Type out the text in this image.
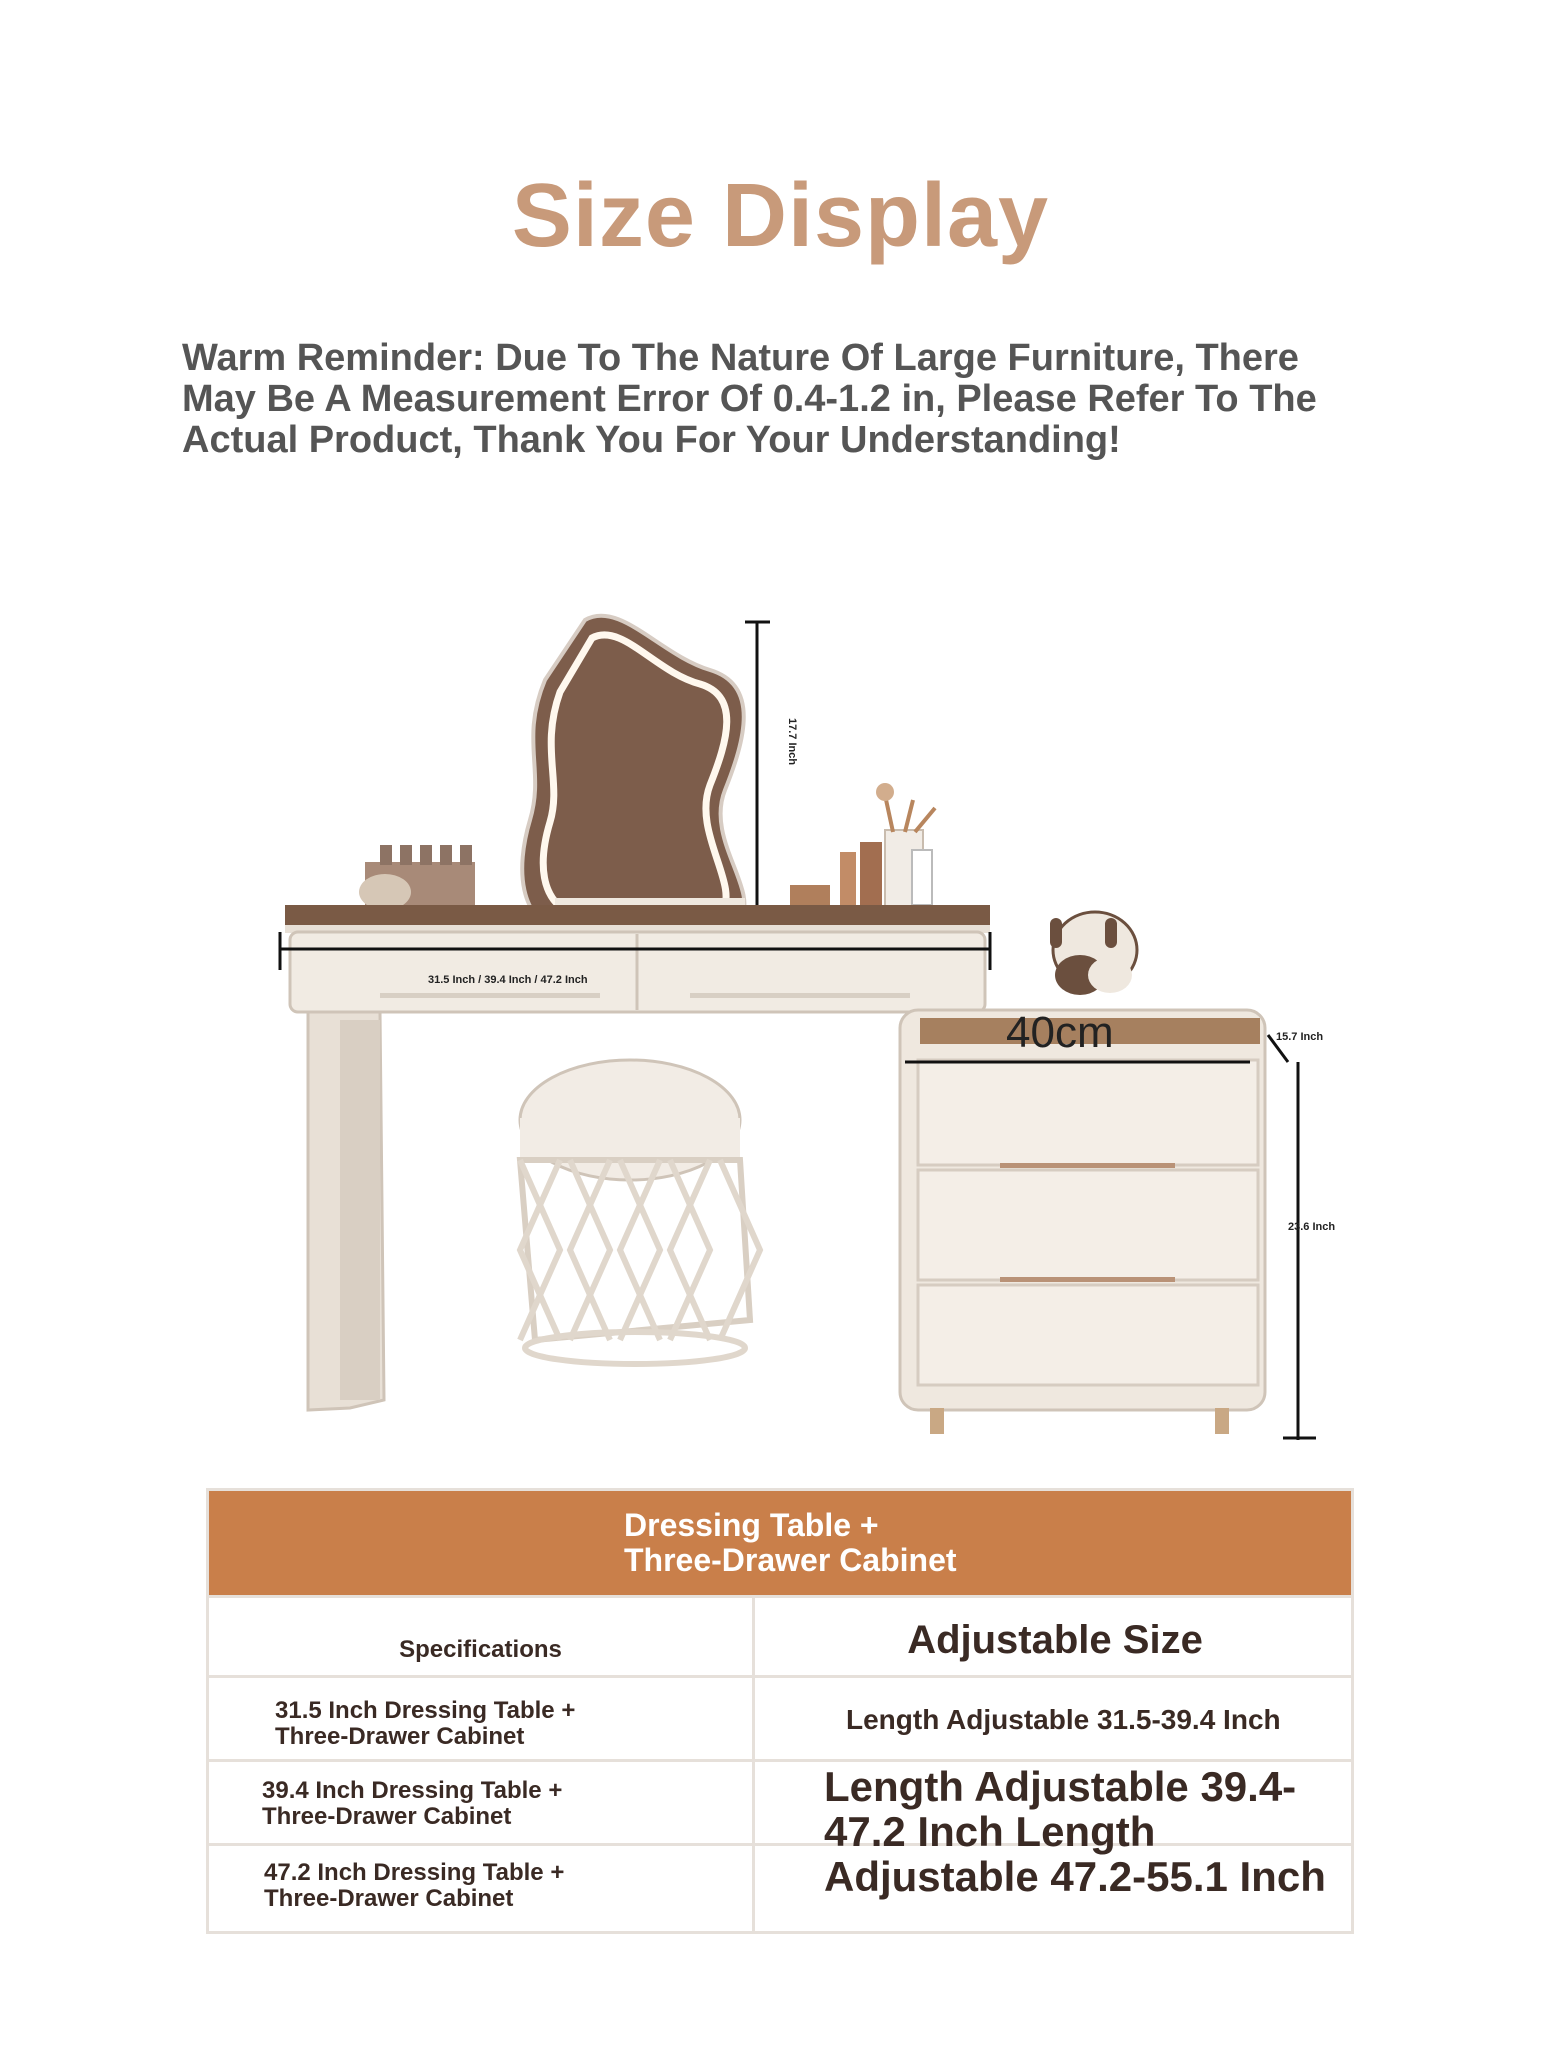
Size Display
Warm Reminder: Due To The Nature Of Large Furniture, There May Be A Measurement Error Of 0.4-1.2 in, Please Refer To The Actual Product, Thank You For Your Understanding!
17.7 Inch
31.5 Inch / 39.4 Inch / 47.2 Inch
40cm	15.7 Inch
23.6 Inch
Dressing Table +
Three-Drawer Cabinet
Specifications	Adjustable Size
31.5 Inch Dressing Table +
Three-Drawer Cabinet
Length Adjustable 31.5-39.4 Inch
39.4 Inch Dressing Table +
Three-Drawer Cabinet
47.2 Inch Dressing Table +
Three-Drawer Cabinet
Length Adjustable 39.4-47.2 Inch Length Adjustable 47.2-55.1 Inch
